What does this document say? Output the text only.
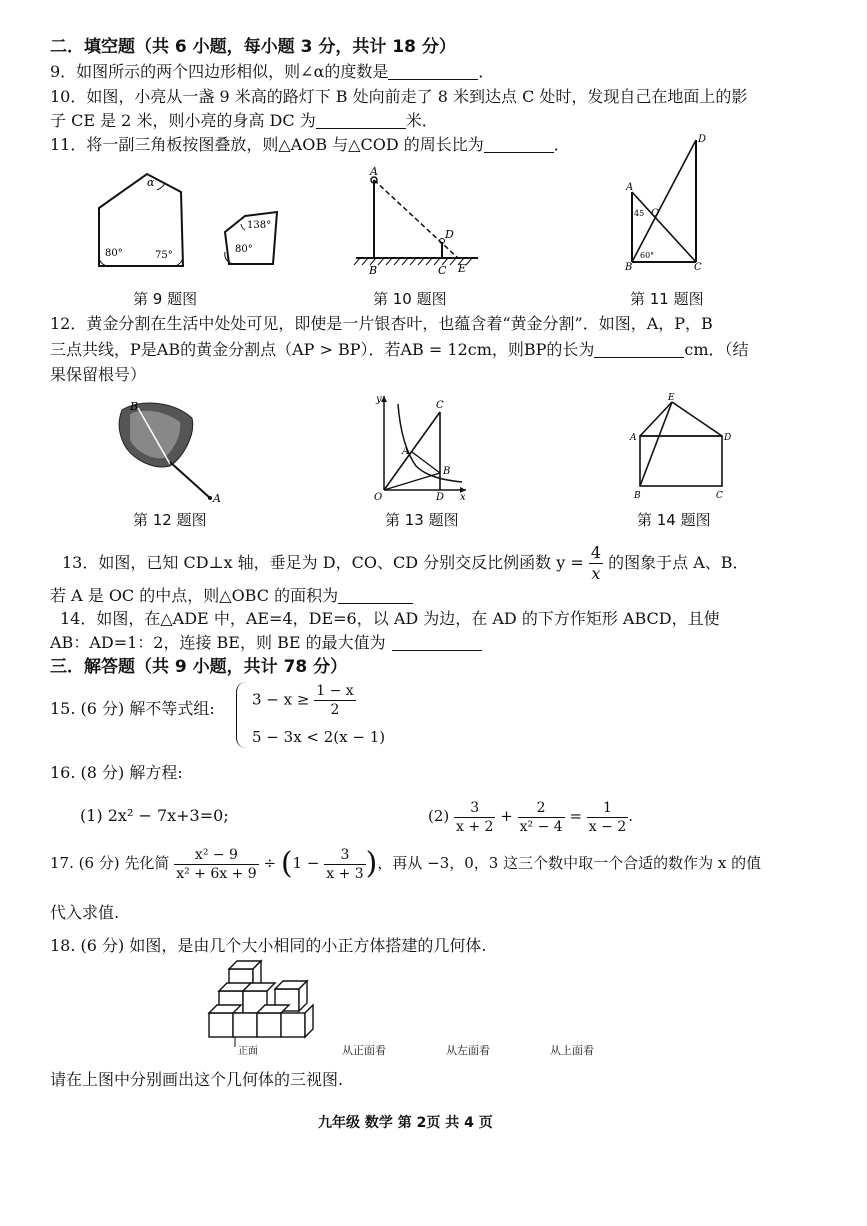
二．填空题（共 6 小题，每小题 3 分，共计 18 分）
9．如图所示的两个四边形相似，则∠α的度数是	．
10．如图，小亮从一盏 9 米高的路灯下 B 处向前走了 8 米到达点 C 处时，发现自己在地面上的影
子 CE 是 2 米，则小亮的身高 DC 为	米．
11．将一副三角板按图叠放，则△AOB 与△COD 的周长比为	．
α
80°	75°
138°
80°
A
D
B	C E
D
A
O
B	C
45
60°
第 9 题图	第 10 题图	第 11 题图
12．黄金分割在生活中处处可见，即使是一片银杏叶，也蕴含着“黄金分割”．如图，A，P，B
三点共线，P是AB的黄金分割点（AP > BP）．若AB = 12cm，则BP的长为	cm．（结
果保留根号）
B
A
y
C
A
B
O	D x
E
A	D
B	C
第 12 题图	第 13 题图	第 14 题图
13．如图，已知 CD⊥x 轴，垂足为 D，CO、CD 分别交反比例函数 $y = \frac{4}{x}$ 的图象于点 A、B．
若 A 是 OC 的中点，则△OBC 的面积为
14．如图，在△ADE 中，AE=4，DE=6，以 AD 为边，在 AD 的下方作矩形 ABCD，且使
AB：AD=1：2，连接 BE，则 BE 的最大值为
三．解答题（共 9 小题，共计 78 分）
15. (6 分) 解不等式组: $3 - x \ge \frac{1 - x}{2}$
5 − 3x < 2(x − 1)
16. (8 分) 解方程:
(1) 2x² − 7x+3=0;	$(2) \frac{3}{x + 2} + \frac{2}{\text{x² − 4}} = \frac{1}{x - 2}$ .
17. (6 分) 先化简 $\frac{\text{x² − 9}}{\text{x² + 6x + 9}} \div (1 - \frac{3}{x + 3}$ )，再从 −3，0，3 这三个数中取一个合适的数作为 x 的值
代入求值.
18. (6 分) 如图，是由几个大小相同的小正方体搭建的几何体.
正面	从正面看	从左面看	从上面看
请在上图中分别画出这个几何体的三视图.
九年级 数学 第 2页 共 4 页
